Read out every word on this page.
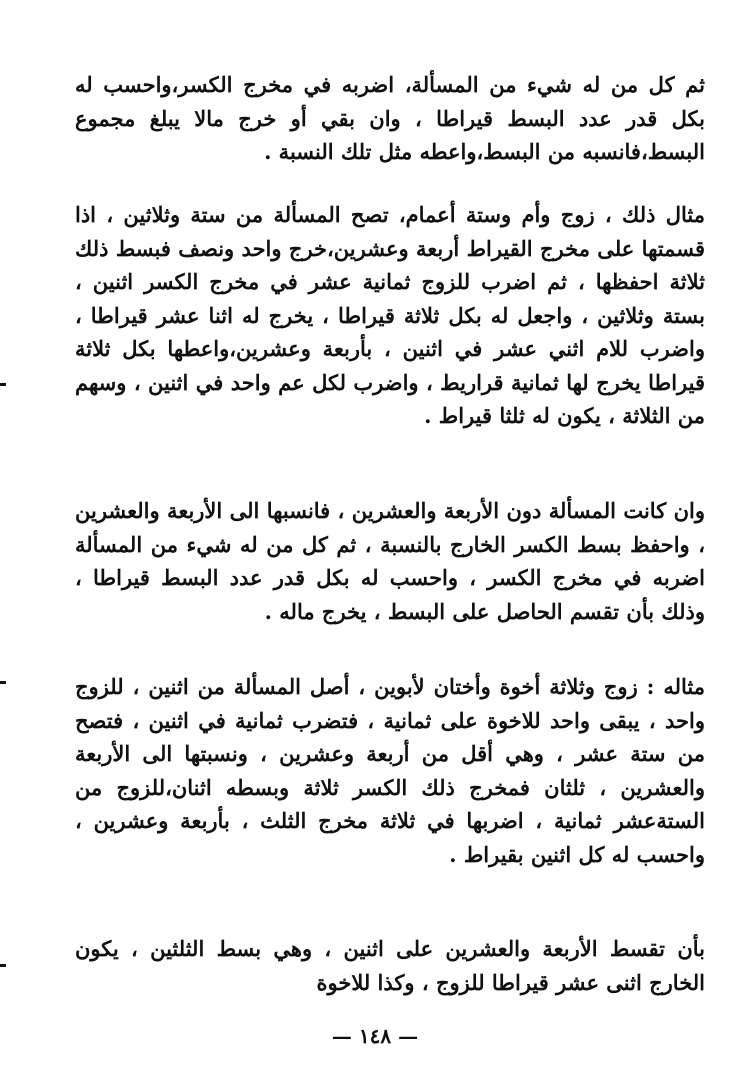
ثم كل من له شيء من المسألة، اضربه في مخرج الكسر،واحسب له بكل قدر عدد البسط قيراطا ، وان بقي أو خرج مالا يبلغ مجموع البسط،فانسبه من البسط،واعطه مثل تلك النسبة .

مثال ذلك ، زوج وأم وستة أعمام، تصح المسألة من ستة وثلاثين ، اذا قسمتها على مخرج القيراط أربعة وعشرين،خرج واحد ونصف فبسط ذلك ثلاثة احفظها ، ثم اضرب للزوج ثمانية عشر في مخرج الكسر اثنين ، بستة وثلاثين ، واجعل له بكل ثلاثة قيراطا ، يخرج له اثنا عشر قيراطا ، واضرب للام اثني عشر في اثنين ، بأربعة وعشرين،واعطها بكل ثلاثة قيراطا يخرج لها ثمانية قراريط ، واضرب لكل عم واحد في اثنين ، وسهم من الثلاثة ، يكون له ثلثا قيراط .

وان كانت المسألة دون الأربعة والعشرين ، فانسبها الى الأربعة والعشرين ، واحفظ بسط الكسر الخارج بالنسبة ، ثم كل من له شيء من المسألة اضربه في مخرج الكسر ، واحسب له بكل قدر عدد البسط قيراطا ، وذلك بأن تقسم الحاصل على البسط ، يخرج ماله .

مثاله : زوج وثلاثة أخوة وأختان لأبوين ، أصل المسألة من اثنين ، للزوج واحد ، يبقى واحد للاخوة على ثمانية ، فتضرب ثمانية في اثنين ، فتصح من ستة عشر ، وهي أقل من أربعة وعشرين ، ونسبتها الى الأربعة والعشرين ، ثلثان فمخرج ذلك الكسر ثلاثة وبسطه اثنان،للزوج من الستةعشر ثمانية ، اضربها في ثلاثة مخرج الثلث ، بأربعة وعشرين ، واحسب له كل اثنين بقيراط .

بأن تقسط الأربعة والعشرين على اثنين ، وهي بسط الثلثين ، يكون الخارج اثنى عشر قيراطا للزوج ، وكذا للاخوة

— ١٤٨ —
